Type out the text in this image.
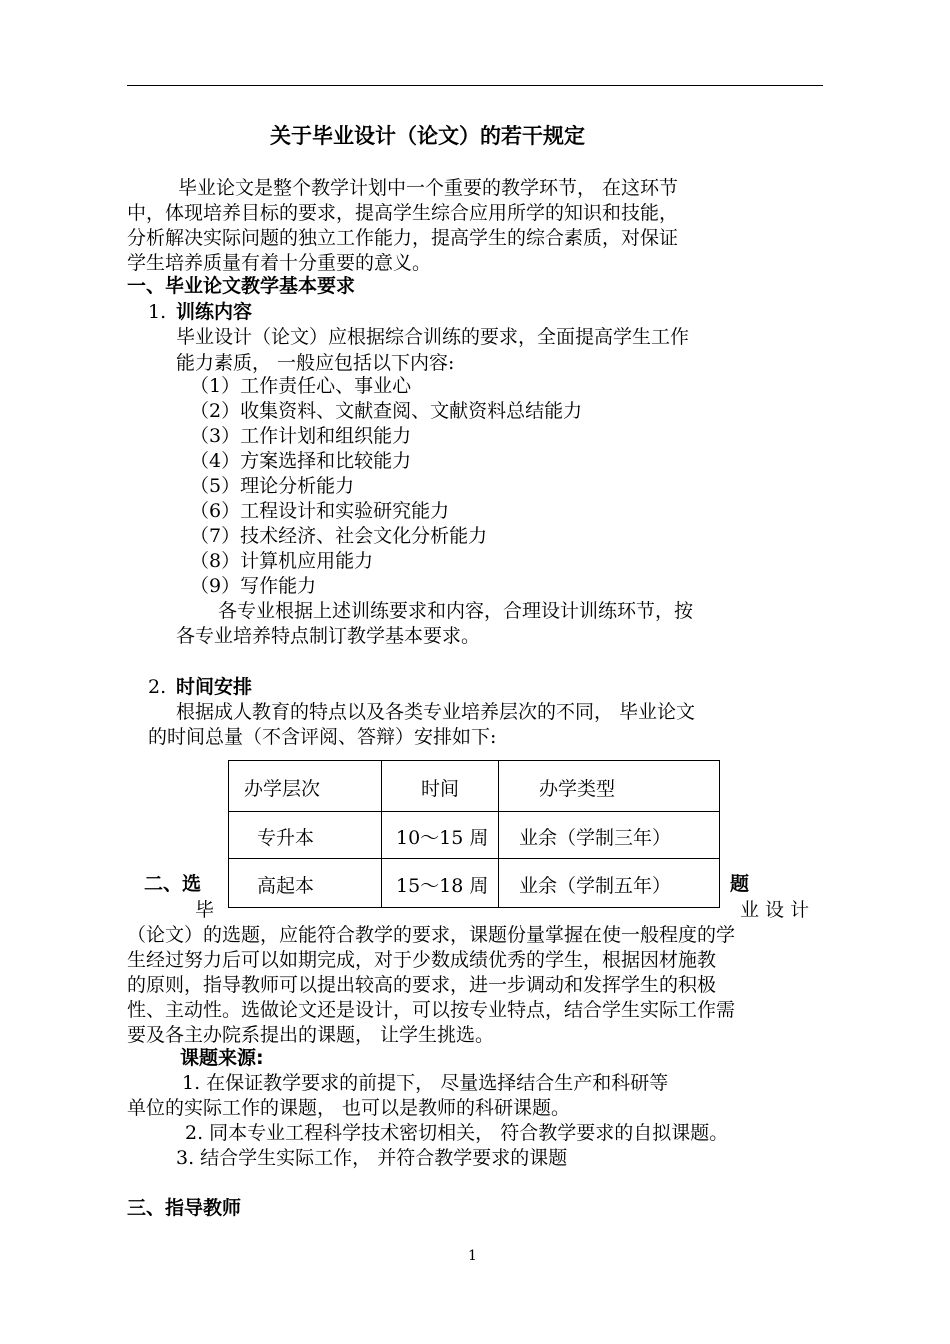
关于毕业设计（论文）的若干规定
毕业论文是整个教学计划中一个重要的教学环节， 在这环节
中，体现培养目标的要求，提高学生综合应用所学的知识和技能，
分析解决实际问题的独立工作能力，提高学生的综合素质，对保证
学生培养质量有着十分重要的意义。
一、毕业论文教学基本要求
1. 训练内容
毕业设计（论文）应根据综合训练的要求，全面提高学生工作
能力素质， 一般应包括以下内容:
（1）工作责任心、事业心
（2）收集资料、文献查阅、文献资料总结能力
（3）工作计划和组织能力
（4）方案选择和比较能力
（5）理论分析能力
（6）工程设计和实验研究能力
（7）技术经济、社会文化分析能力
（8）计算机应用能力
（9）写作能力
各专业根据上述训练要求和内容，合理设计训练环节，按
各专业培养特点制订教学基本要求。
2. 时间安排
根据成人教育的特点以及各类专业培养层次的不同， 毕业论文
的时间总量（不含评阅、答辩）安排如下:
办学层次	时间	办学类型
专升本	10～15 周 业余（学制三年）
高起本	15～18 周 业余（学制五年）
二、选	题
毕	业 设 计
（论文）的选题，应能符合教学的要求，课题份量掌握在使一般程度的学
生经过努力后可以如期完成，对于少数成绩优秀的学生，根据因材施教
的原则，指导教师可以提出较高的要求，进一步调动和发挥学生的积极
性、主动性。选做论文还是设计，可以按专业特点，结合学生实际工作需
要及各主办院系提出的课题， 让学生挑选。
课题来源:
1. 在保证教学要求的前提下， 尽量选择结合生产和科研等
单位的实际工作的课题， 也可以是教师的科研课题。
2. 同本专业工程科学技术密切相关， 符合教学要求的自拟课题。
3. 结合学生实际工作， 并符合教学要求的课题
三、指导教师
1
